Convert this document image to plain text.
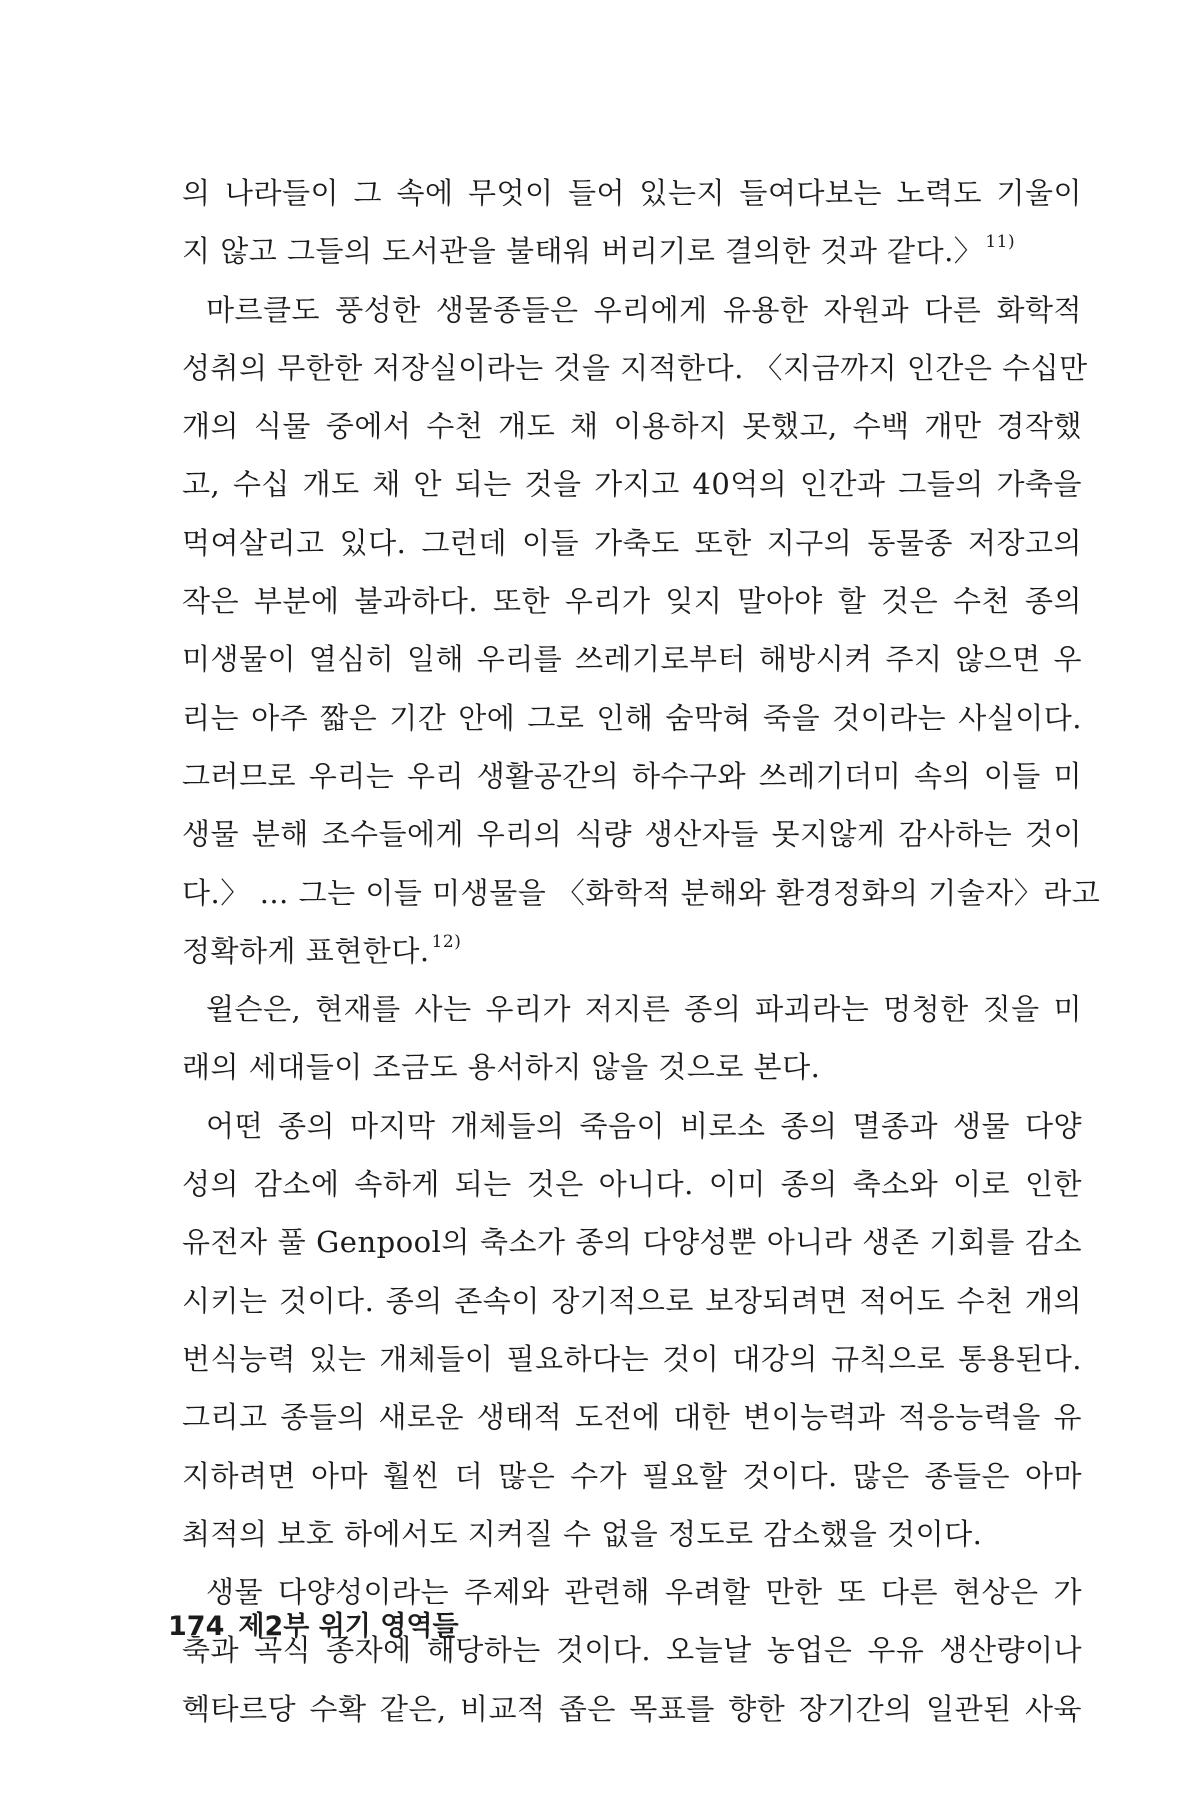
의 나라들이 그 속에 무엇이 들어 있는지 들여다보는 노력도 기울이
지 않고 그들의 도서관을 불태워 버리기로 결의한 것과 같다.〉 $^{11)}$
마르클도 풍성한 생물종들은 우리에게 유용한 자원과 다른 화학적
성취의 무한한 저장실이라는 것을 지적한다. 〈지금까지 인간은 수십만
개의 식물 중에서 수천 개도 채 이용하지 못했고, 수백 개만 경작했
고, 수십 개도 채 안 되는 것을 가지고 40억의 인간과 그들의 가축을
먹여살리고 있다. 그런데 이들 가축도 또한 지구의 동물종 저장고의
작은 부분에 불과하다. 또한 우리가 잊지 말아야 할 것은 수천 종의
미생물이 열심히 일해 우리를 쓰레기로부터 해방시켜 주지 않으면 우
리는 아주 짧은 기간 안에 그로 인해 숨막혀 죽을 것이라는 사실이다.
그러므로 우리는 우리 생활공간의 하수구와 쓰레기더미 속의 이들 미
생물 분해 조수들에게 우리의 식량 생산자들 못지않게 감사하는 것이
다.〉 … 그는 이들 미생물을 〈화학적 분해와 환경정화의 기술자〉라고
정확하게 표현한다. $^{12)}$
윌슨은, 현재를 사는 우리가 저지른 종의 파괴라는 멍청한 짓을 미
래의 세대들이 조금도 용서하지 않을 것으로 본다.
어떤 종의 마지막 개체들의 죽음이 비로소 종의 멸종과 생물 다양
성의 감소에 속하게 되는 것은 아니다. 이미 종의 축소와 이로 인한
유전자 풀 Genpool의 축소가 종의 다양성뿐 아니라 생존 기회를 감소
시키는 것이다. 종의 존속이 장기적으로 보장되려면 적어도 수천 개의
번식능력 있는 개체들이 필요하다는 것이 대강의 규칙으로 통용된다.
그리고 종들의 새로운 생태적 도전에 대한 변이능력과 적응능력을 유
지하려면 아마 훨씬 더 많은 수가 필요할 것이다. 많은 종들은 아마
최적의 보호 하에서도 지켜질 수 없을 정도로 감소했을 것이다.
생물 다양성이라는 주제와 관련해 우려할 만한 또 다른 현상은 가
축과 곡식 종자에 해당하는 것이다. 오늘날 농업은 우유 생산량이나
헥타르당 수확 같은, 비교적 좁은 목표를 향한 장기간의 일관된 사육
174 제2부 위기 영역들
